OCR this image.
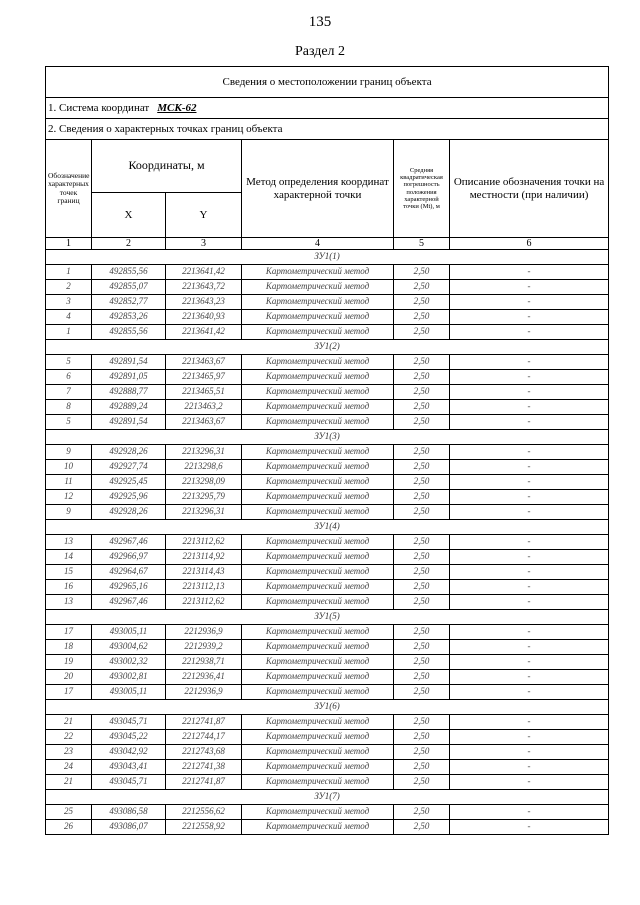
135
Раздел 2
Сведения о местоположении границ объекта					
1. Система координат МСК-62					
2. Сведения о характерных точках границ объекта					
Обозначение характерных точек границ	Координаты, м		Метод определения координат характерной точки	Средняя квадратическая погрешность положения характерной точки (Mt), м	Описание обозначения точки на местности (при наличии)
	X	Y			
1	2	3	4	5	6
ЗУ1(1)					
1	492855,56	2213641,42	Картометрический метод	2,50	-
2	492855,07	2213643,72	Картометрический метод	2,50	-
3	492852,77	2213643,23	Картометрический метод	2,50	-
4	492853,26	2213640,93	Картометрический метод	2,50	-
1	492855,56	2213641,42	Картометрический метод	2,50	-
ЗУ1(2)					
5	492891,54	2213463,67	Картометрический метод	2,50	-
6	492891,05	2213465,97	Картометрический метод	2,50	-
7	492888,77	2213465,51	Картометрический метод	2,50	-
8	492889,24	2213463,2	Картометрический метод	2,50	-
5	492891,54	2213463,67	Картометрический метод	2,50	-
ЗУ1(3)					
9	492928,26	2213296,31	Картометрический метод	2,50	-
10	492927,74	2213298,6	Картометрический метод	2,50	-
11	492925,45	2213298,09	Картометрический метод	2,50	-
12	492925,96	2213295,79	Картометрический метод	2,50	-
9	492928,26	2213296,31	Картометрический метод	2,50	-
ЗУ1(4)					
13	492967,46	2213112,62	Картометрический метод	2,50	-
14	492966,97	2213114,92	Картометрический метод	2,50	-
15	492964,67	2213114,43	Картометрический метод	2,50	-
16	492965,16	2213112,13	Картометрический метод	2,50	-
13	492967,46	2213112,62	Картометрический метод	2,50	-
ЗУ1(5)					
17	493005,11	2212936,9	Картометрический метод	2,50	-
18	493004,62	2212939,2	Картометрический метод	2,50	-
19	493002,32	2212938,71	Картометрический метод	2,50	-
20	493002,81	2212936,41	Картометрический метод	2,50	-
17	493005,11	2212936,9	Картометрический метод	2,50	-
ЗУ1(6)					
21	493045,71	2212741,87	Картометрический метод	2,50	-
22	493045,22	2212744,17	Картометрический метод	2,50	-
23	493042,92	2212743,68	Картометрический метод	2,50	-
24	493043,41	2212741,38	Картометрический метод	2,50	-
21	493045,71	2212741,87	Картометрический метод	2,50	-
ЗУ1(7)					
25	493086,58	2212556,62	Картометрический метод	2,50	-
26	493086,07	2212558,92	Картометрический метод	2,50	-
